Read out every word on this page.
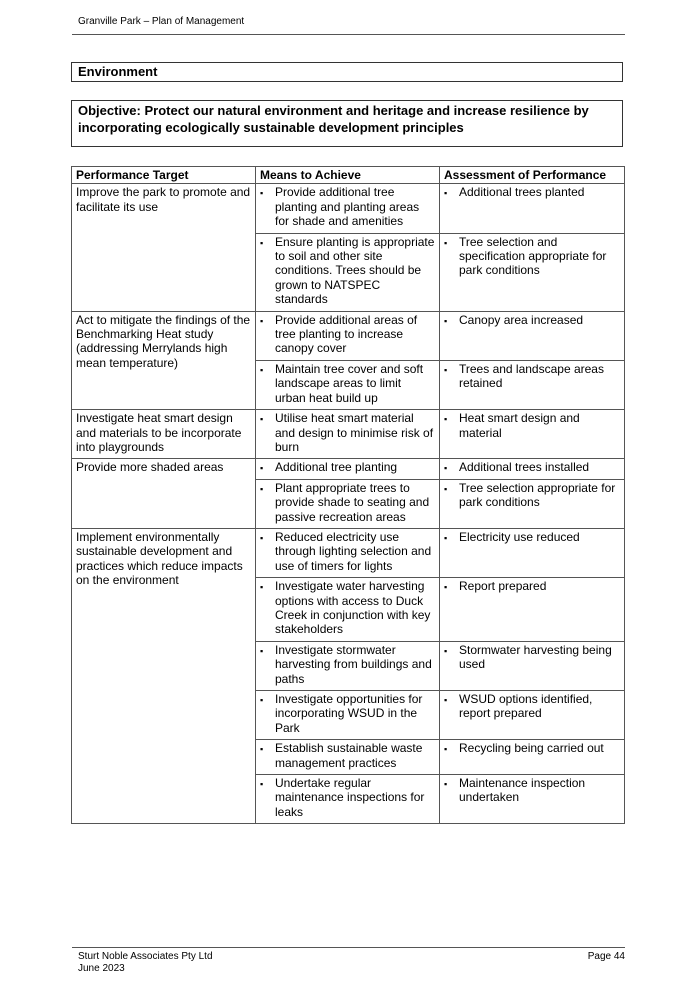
Granville Park – Plan of Management
Environment
Objective: Protect our natural environment and heritage and increase resilience by incorporating ecologically sustainable development principles
Performance Target	Means to Achieve	Assessment of Performance
Improve the park to promote and facilitate its use	▪ Provide additional tree planting and planting areas for shade and amenities	▪ Additional trees planted

	▪ Ensure planting is appropriate to soil and other site conditions. Trees should be grown to NATSPEC standards	▪ Tree selection and specification appropriate for park conditions
Act to mitigate the findings of the Benchmarking Heat study (addressing Merrylands high mean temperature)	▪ Provide additional areas of tree planting to increase canopy cover	▪ Canopy area increased

	▪ Maintain tree cover and soft landscape areas to limit urban heat build up	▪ Trees and landscape areas retained
Investigate heat smart design and materials to be incorporate into playgrounds	▪ Utilise heat smart material and design to minimise risk of burn	▪ Heat smart design and material
Provide more shaded areas	▪ Additional tree planting	▪ Additional trees installed

	▪ Plant appropriate trees to provide shade to seating and passive recreation areas	▪ Tree selection appropriate for park conditions
Implement environmentally sustainable development and practices which reduce impacts on the environment	▪ Reduced electricity use through lighting selection and use of timers for lights	▪ Electricity use reduced

	▪ Investigate water harvesting options with access to Duck Creek in conjunction with key stakeholders	▪ Report prepared

	▪ Investigate stormwater harvesting from buildings and paths	▪ Stormwater harvesting being used

	▪ Investigate opportunities for incorporating WSUD in the Park	▪ WSUD options identified, report prepared

	▪ Establish sustainable waste management practices	▪ Recycling being carried out

	▪ Undertake regular maintenance inspections for leaks	▪ Maintenance inspection undertaken
Sturt Noble Associates Pty Ltd
June 2023
Page 44
